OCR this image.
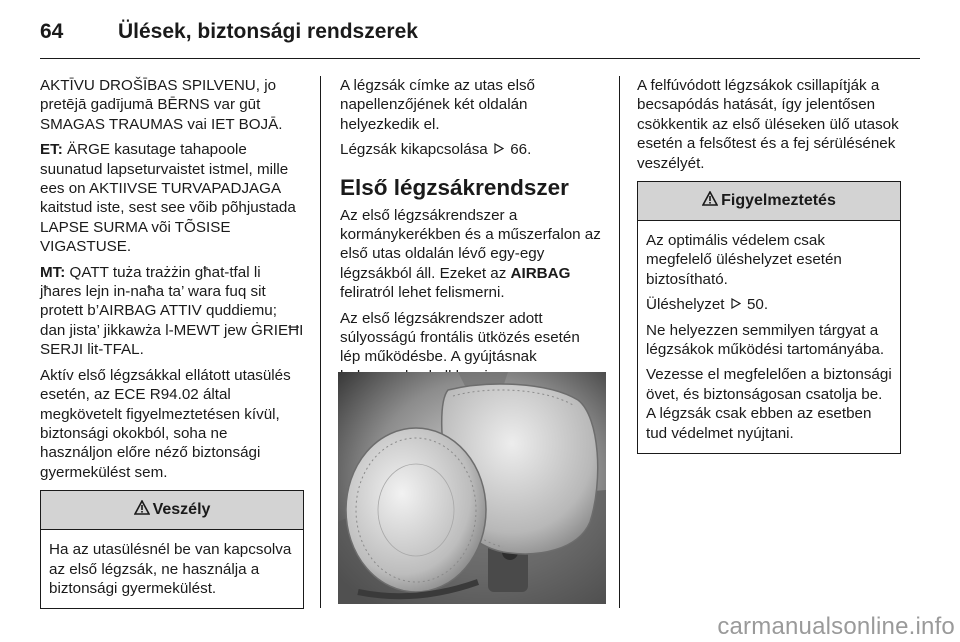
64	Ülések, biztonsági rendszerek

AKTĪVU DROŠĪBAS SPILVENU, jo pretējā gadījumā BĒRNS var gūt SMAGAS TRAUMAS vai IET BOJĀ.

ET: ÄRGE kasutage tahapoole suunatud lapseturvaistet istmel, mille ees on AKTIIVSE TURVAPADJAGA kaitstud iste, sest see võib põhjustada LAPSE SURMA või TÕSISE VIGASTUSE.

MT: QATT tuża trażżin għat-tfal li jħares lejn in-naħa ta’ wara fuq sit protett b’AIRBAG ATTIV quddiemu; dan jista’ jikkawża l-MEWT jew ĠRIEĦI SERJI lit-TFAL.

Aktív első légzsákkal ellátott utasülés esetén, az ECE R94.02 által megkövetelt figyelmeztetésen kívül, biztonsági okokból, soha ne használjon előre néző biztonsági gyermekülést sem.

Veszély

Ha az utasülésnél be van kapcsolva az első légzsák, ne használja a biztonsági gyermekülést.

A légzsák címke az utas első napellenzőjének két oldalán helyezkedik el.

Légzsák kikapcsolása 66.

Első légzsákrendszer

Az első légzsákrendszer a kormánykerékben és a műszerfalon az első utas oldalán lévő egy-egy légzsákból áll. Ezeket az AIRBAG feliratról lehet felismerni.

Az első légzsákrendszer adott súlyosságú frontális ütközés esetén lép működésbe. A gyújtásnak

A felfúvódott légzsákok csillapítják a becsapódás hatását, így jelentősen csökkentik az első üléseken ülő utasok esetén a felsőtest és a fej sérülésének veszélyét.

Figyelmeztetés

Az optimális védelem csak megfelelő üléshelyzet esetén biztosítható.

Üléshelyzet 50.

Ne helyezzen semmilyen tárgyat a légzsákok működési tartományába.

Vezesse el megfelelően a biztonsági övet, és biztonságosan csatolja be. A légzsák csak ebben az esetben tud védelmet nyújtani.

carmanualsonline.info
